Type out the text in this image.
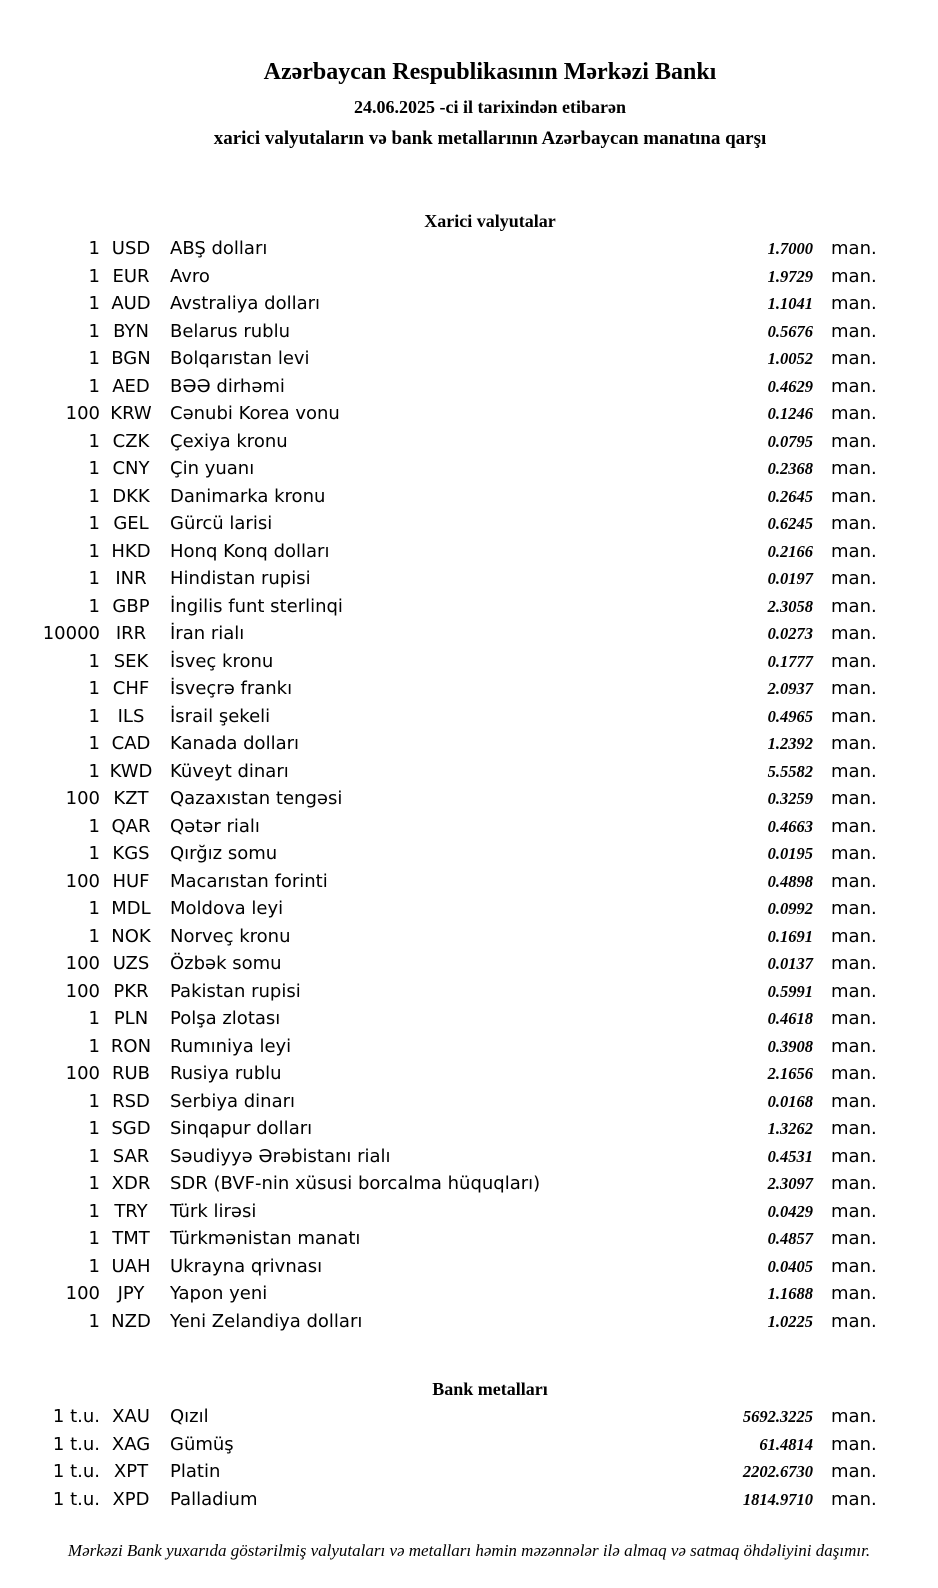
Azərbaycan Respublikasının Mərkəzi Bankı
24.06.2025 -ci il tarixindən etibarən
xarici valyutaların və bank metallarının Azərbaycan manatına qarşı
Xarici valyutalar
1 USD	ABŞ dolları	1.7000	man.
1 EUR	Avro	1.9729	man.
1 AUD	Avstraliya dolları	1.1041	man.
1 BYN	Belarus rublu	0.5676	man.
1 BGN	Bolqarıstan levi	1.0052	man.
1 AED	BƏƏ dirhəmi	0.4629	man.
100 KRW	Cənubi Korea vonu	0.1246	man.
1 CZK	Çexiya kronu	0.0795	man.
1 CNY	Çin yuanı	0.2368	man.
1 DKK	Danimarka kronu	0.2645	man.
1 GEL	Gürcü larisi	0.6245	man.
1 HKD	Honq Konq dolları	0.2166	man.
1 INR	Hindistan rupisi	0.0197	man.
1 GBP	İngilis funt sterlinqi	2.3058	man.
10000 IRR	İran rialı	0.0273	man.
1 SEK	İsveç kronu	0.1777	man.
1 CHF	İsveçrə frankı	2.0937	man.
1 ILS	İsrail şekeli	0.4965	man.
1 CAD	Kanada dolları	1.2392	man.
1 KWD Küveyt dinarı	5.5582	man.
100 KZT	Qazaxıstan tengəsi	0.3259	man.
1 QAR	Qətər rialı	0.4663	man.
1 KGS	Qırğız somu	0.0195	man.
100 HUF	Macarıstan forinti	0.4898	man.
1 MDL	Moldova leyi	0.0992	man.
1 NOK	Norveç kronu	0.1691	man.
100 UZS	Özbək somu	0.0137	man.
100 PKR	Pakistan rupisi	0.5991	man.
1 PLN	Polşa zlotası	0.4618	man.
1 RON	Rumıniya leyi	0.3908	man.
100 RUB	Rusiya rublu	2.1656	man.
1 RSD	Serbiya dinarı	0.0168	man.
1 SGD	Sinqapur dolları	1.3262	man.
1 SAR	Səudiyyə Ərəbistanı rialı	0.4531	man.
1 XDR	SDR (BVF-nin xüsusi borcalma hüquqları)	2.3097	man.
1 TRY	Türk lirəsi	0.0429	man.
1 TMT	Türkmənistan manatı	0.4857	man.
1 UAH	Ukrayna qrivnası	0.0405	man.
100 JPY	Yapon yeni	1.1688	man.
1 NZD	Yeni Zelandiya dolları	1.0225	man.
Bank metalları
1 t.u. XAU	Qızıl	5692.3225	man.
1 t.u. XAG	Gümüş	61.4814	man.
1 t.u. XPT	Platin	2202.6730	man.
1 t.u. XPD	Palladium	1814.9710	man.
Mərkəzi Bank yuxarıda göstərilmiş valyutaları və metalları həmin məzənnələr ilə almaq və satmaq öhdəliyini daşımır.
